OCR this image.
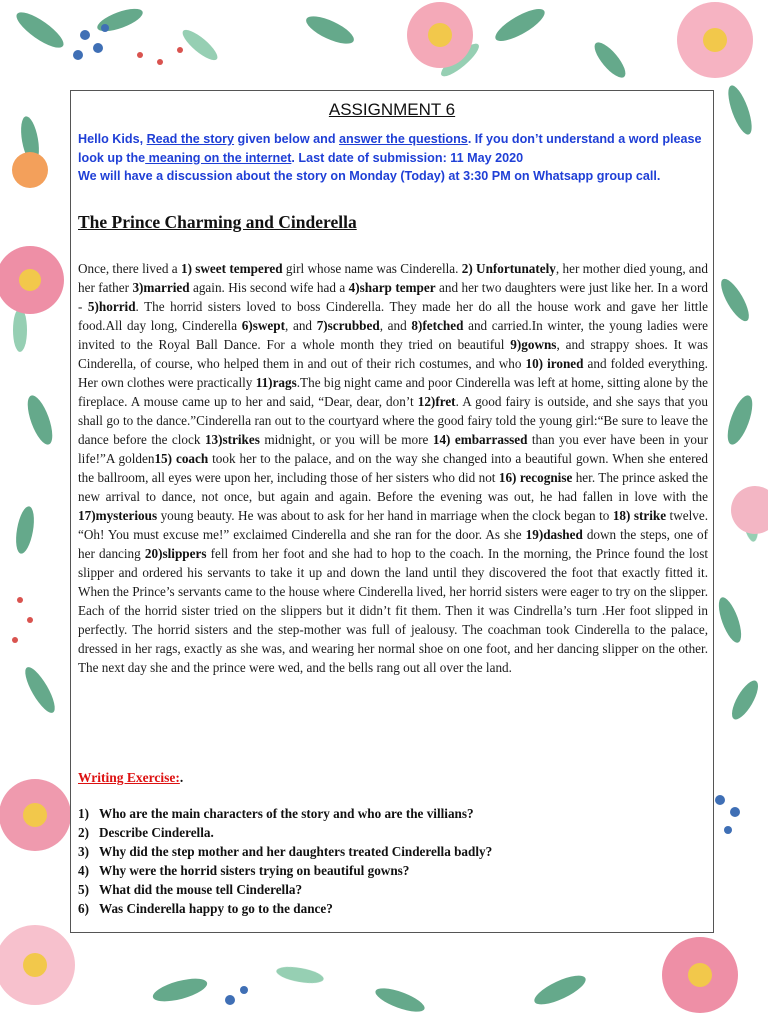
ASSIGNMENT 6
Hello Kids, Read the story given below and answer the questions. If you don’t understand a word please look up the meaning on the internet. Last date of submission: 11 May 2020
We will have a discussion about the story on Monday (Today) at 3:30 PM on Whatsapp group call.
The Prince Charming and Cinderella
Once, there lived a 1) sweet tempered girl whose name was Cinderella. 2) Unfortunately, her mother died young, and her father 3)married again. His second wife had a 4)sharp temper and her two daughters were just like her. In a word - 5)horrid. The horrid sisters loved to boss Cinderella. They made her do all the house work and gave her little food.All day long, Cinderella 6)swept, and 7)scrubbed, and 8)fetched and carried.In winter, the young ladies were invited to the Royal Ball Dance. For a whole month they tried on beautiful 9)gowns, and strappy shoes. It was Cinderella, of course, who helped them in and out of their rich costumes, and who 10) ironed and folded everything. Her own clothes were practically 11)rags.The big night came and poor Cinderella was left at home, sitting alone by the fireplace. A mouse came up to her and said, “Dear, dear, don’t 12)fret. A good fairy is outside, and she says that you shall go to the dance.”Cinderella ran out to the courtyard where the good fairy told the young girl:“Be sure to leave the dance before the clock 13)strikes midnight, or you will be more 14) embarrassed than you ever have been in your life!”A golden15) coach took her to the palace, and on the way she changed into a beautiful gown. When she entered the ballroom, all eyes were upon her, including those of her sisters who did not 16) recognise her. The prince asked the new arrival to dance, not once, but again and again. Before the evening was out, he had fallen in love with the 17)mysterious young beauty. He was about to ask for her hand in marriage when the clock began to 18) strike twelve. “Oh! You must excuse me!” exclaimed Cinderella and she ran for the door. As she 19)dashed down the steps, one of her dancing 20)slippers fell from her foot and she had to hop to the coach. In the morning, the Prince found the lost slipper and ordered his servants to take it up and down the land until they discovered the foot that exactly fitted it. When the Prince’s servants came to the house where Cinderella lived, her horrid sisters were eager to try on the slipper. Each of the horrid sister tried on the slippers but it didn’t fit them. Then it was Cindrella’s turn .Her foot slipped in perfectly. The horrid sisters and the step-mother was full of jealousy. The coachman took Cinderella to the palace, dressed in her rags, exactly as she was, and wearing her normal shoe on one foot, and her dancing slipper on the other. The next day she and the prince were wed, and the bells rang out all over the land.
Writing Exercise:.
1) Who are the main characters of the story and who are the villians?
2) Describe Cinderella.
3) Why did the step mother and her daughters treated Cinderella badly?
4) Why were the horrid sisters trying on beautiful gowns?
5) What did the mouse tell Cinderella?
6) Was Cinderella happy to go to the dance?
